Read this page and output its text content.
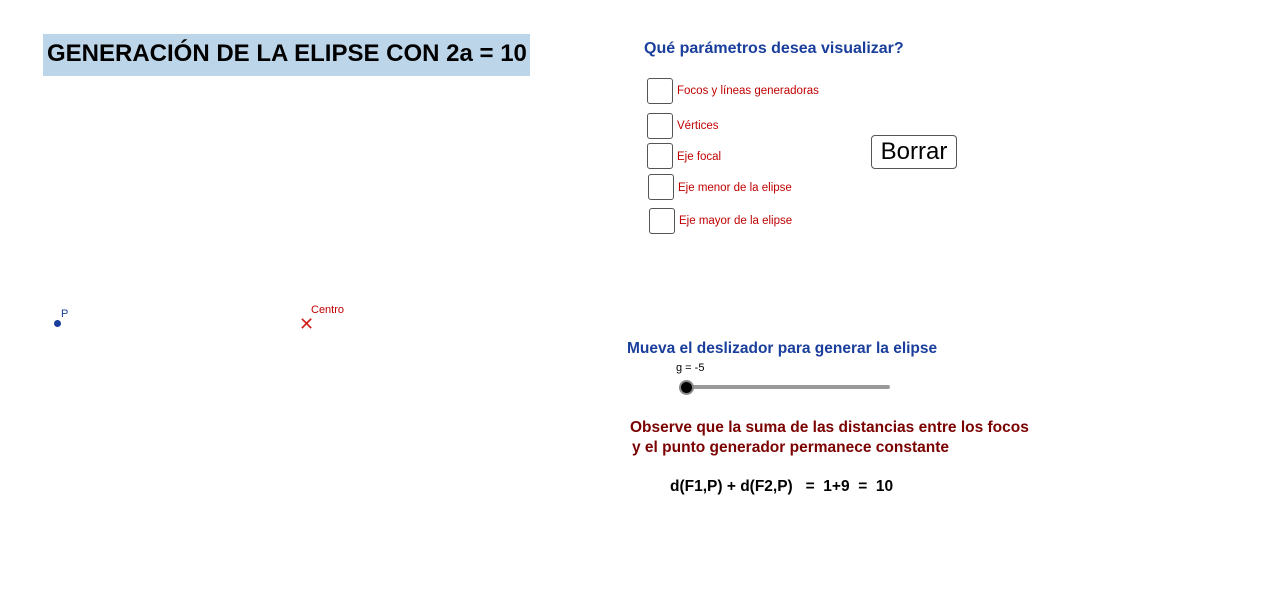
GENERACIÓN DE LA ELIPSE CON 2a = 10	Qué parámetros desea visualizar?
Focos y líneas generadoras
Vértices
Eje focal
Eje menor de la elipse
Eje mayor de la elipse
Borrar
P	Centro
✕
Mueva el deslizador para generar la elipse
g = -5
Observe que la suma de las distancias entre los focos
y el punto generador permanece constante
d(F1,P) + d(F2,P)   =  1+9  =  10
